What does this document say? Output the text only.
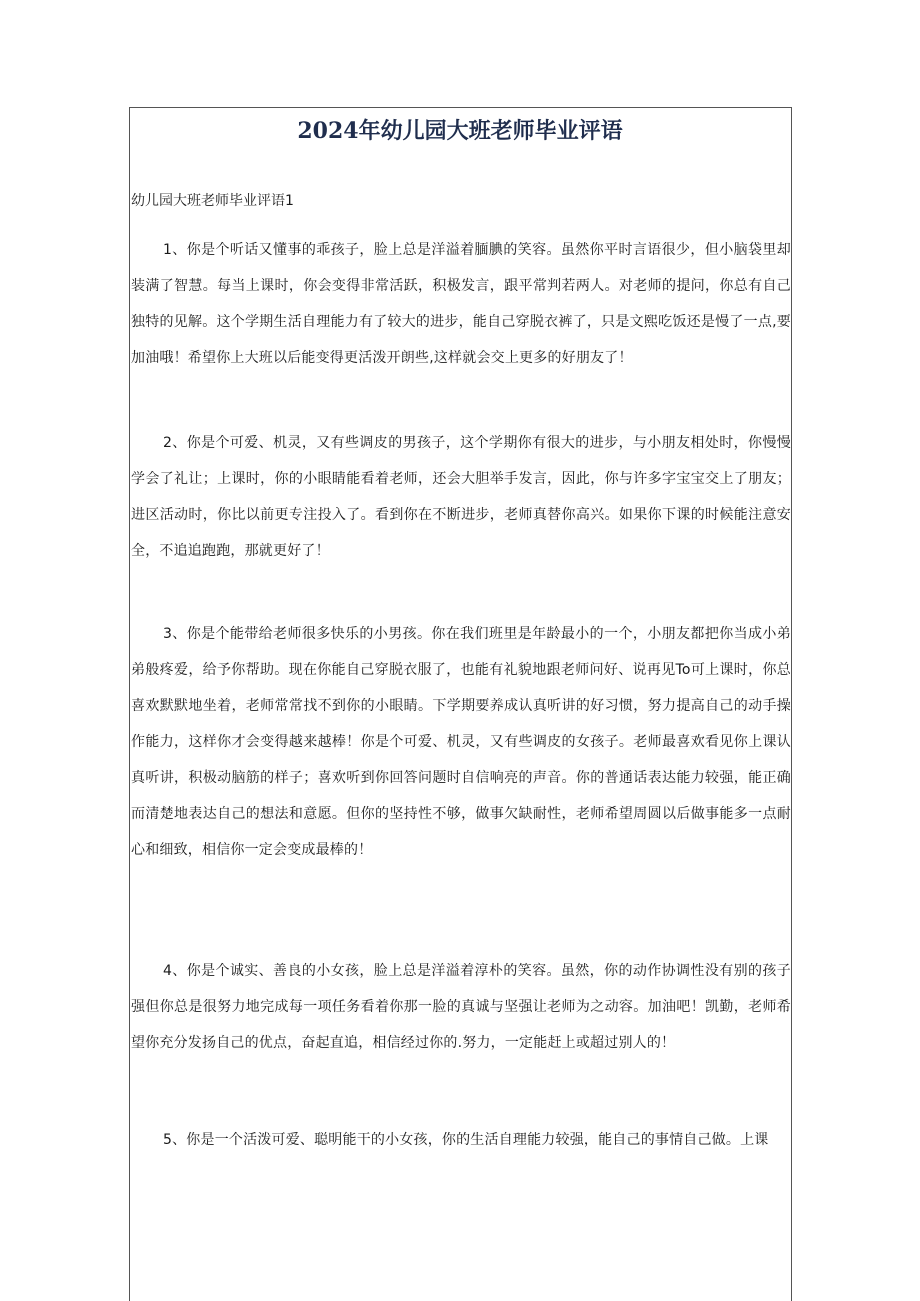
2024年幼儿园大班老师毕业评语

幼儿园大班老师毕业评语1

1、你是个听话又懂事的乖孩子，脸上总是洋溢着腼腆的笑容。虽然你平时言语很少，但小脑袋里却装满了智慧。每当上课时，你会变得非常活跃，积极发言，跟平常判若两人。对老师的提问，你总有自己独特的见解。这个学期生活自理能力有了较大的进步，能自己穿脱衣裤了，只是文熙吃饭还是慢了一点,要加油哦！希望你上大班以后能变得更活泼开朗些,这样就会交上更多的好朋友了！

2、你是个可爱、机灵，又有些调皮的男孩子，这个学期你有很大的进步，与小朋友相处时，你慢慢学会了礼让；上课时，你的小眼睛能看着老师，还会大胆举手发言，因此，你与许多字宝宝交上了朋友；进区活动时，你比以前更专注投入了。看到你在不断进步，老师真替你高兴。如果你下课的时候能注意安全，不追追跑跑，那就更好了！

3、你是个能带给老师很多快乐的小男孩。你在我们班里是年龄最小的一个，小朋友都把你当成小弟弟般疼爱，给予你帮助。现在你能自己穿脱衣服了，也能有礼貌地跟老师问好、说再见To可上课时，你总喜欢默默地坐着，老师常常找不到你的小眼睛。下学期要养成认真听讲的好习惯，努力提高自己的动手操作能力，这样你才会变得越来越棒！你是个可爱、机灵，又有些调皮的女孩子。老师最喜欢看见你上课认真听讲，积极动脑筋的样子；喜欢听到你回答问题时自信响亮的声音。你的普通话表达能力较强，能正确而清楚地表达自己的想法和意愿。但你的坚持性不够，做事欠缺耐性，老师希望周圆以后做事能多一点耐心和细致，相信你一定会变成最棒的！

4、你是个诚实、善良的小女孩，脸上总是洋溢着淳朴的笑容。虽然，你的动作协调性没有别的孩子强但你总是很努力地完成每一项任务看着你那一脸的真诚与坚强让老师为之动容。加油吧！凯勤，老师希望你充分发扬自己的优点，奋起直追，相信经过你的.努力，一定能赶上或超过别人的！

5、你是一个活泼可爱、聪明能干的小女孩，你的生活自理能力较强，能自己的事情自己做。上课
